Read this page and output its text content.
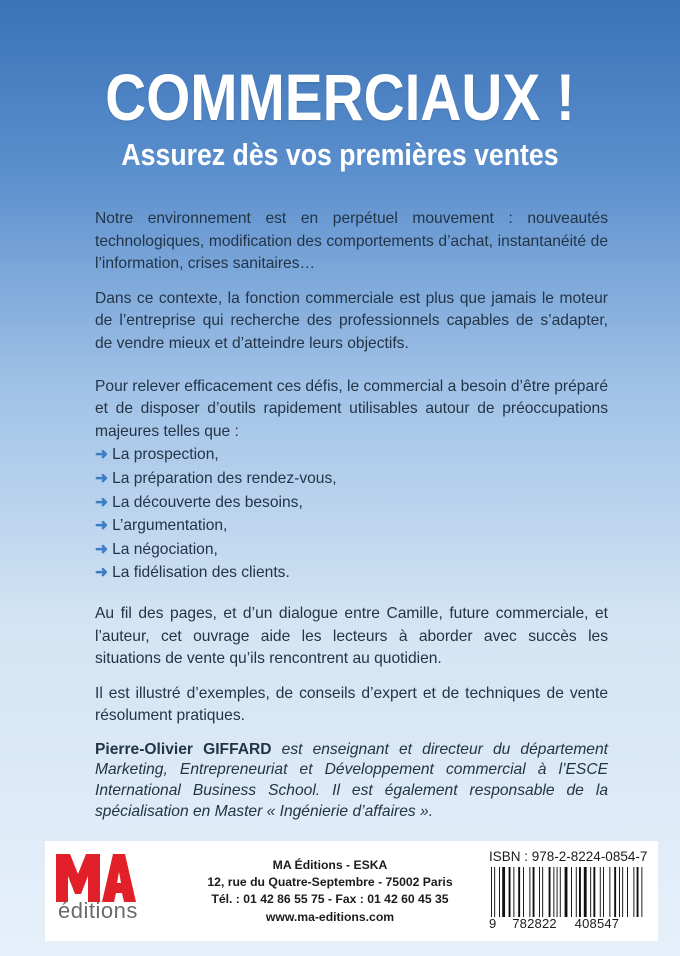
COMMERCIAUX !
Assurez dès vos premières ventes

Notre environnement est en perpétuel mouvement : nouveautés technologiques, modification des comportements d’achat, instantanéité de l’information, crises sanitaires…

Dans ce contexte, la fonction commerciale est plus que jamais le moteur de l’entreprise qui recherche des professionnels capables de s’adapter, de vendre mieux et d’atteindre leurs objectifs.

Pour relever efficacement ces défis, le commercial a besoin d’être préparé et de disposer d’outils rapidement utilisables autour de préoccupations majeures telles que :

➜ La prospection,
➜ La préparation des rendez-vous,
➜ La découverte des besoins,
➜ L’argumentation,
➜ La négociation,
➜ La fidélisation des clients.

Au fil des pages, et d’un dialogue entre Camille, future commerciale, et l’auteur, cet ouvrage aide les lecteurs à aborder avec succès les situations de vente qu’ils rencontrent au quotidien.

Il est illustré d’exemples, de conseils d’expert et de techniques de vente résolument pratiques.

Pierre-Olivier GIFFARD est enseignant et directeur du département Marketing, Entrepreneuriat et Développement commercial à l’ESCE International Business School. Il est également responsable de la spécialisation en Master « Ingénierie d’affaires ».

éditions
MA Éditions - ESKA
12, rue du Quatre-Septembre - 75002 Paris
Tél. : 01 42 86 55 75 - Fax : 01 42 60 45 35
www.ma-editions.com
ISBN : 978-2-8224-0854-7
9 782822 408547
